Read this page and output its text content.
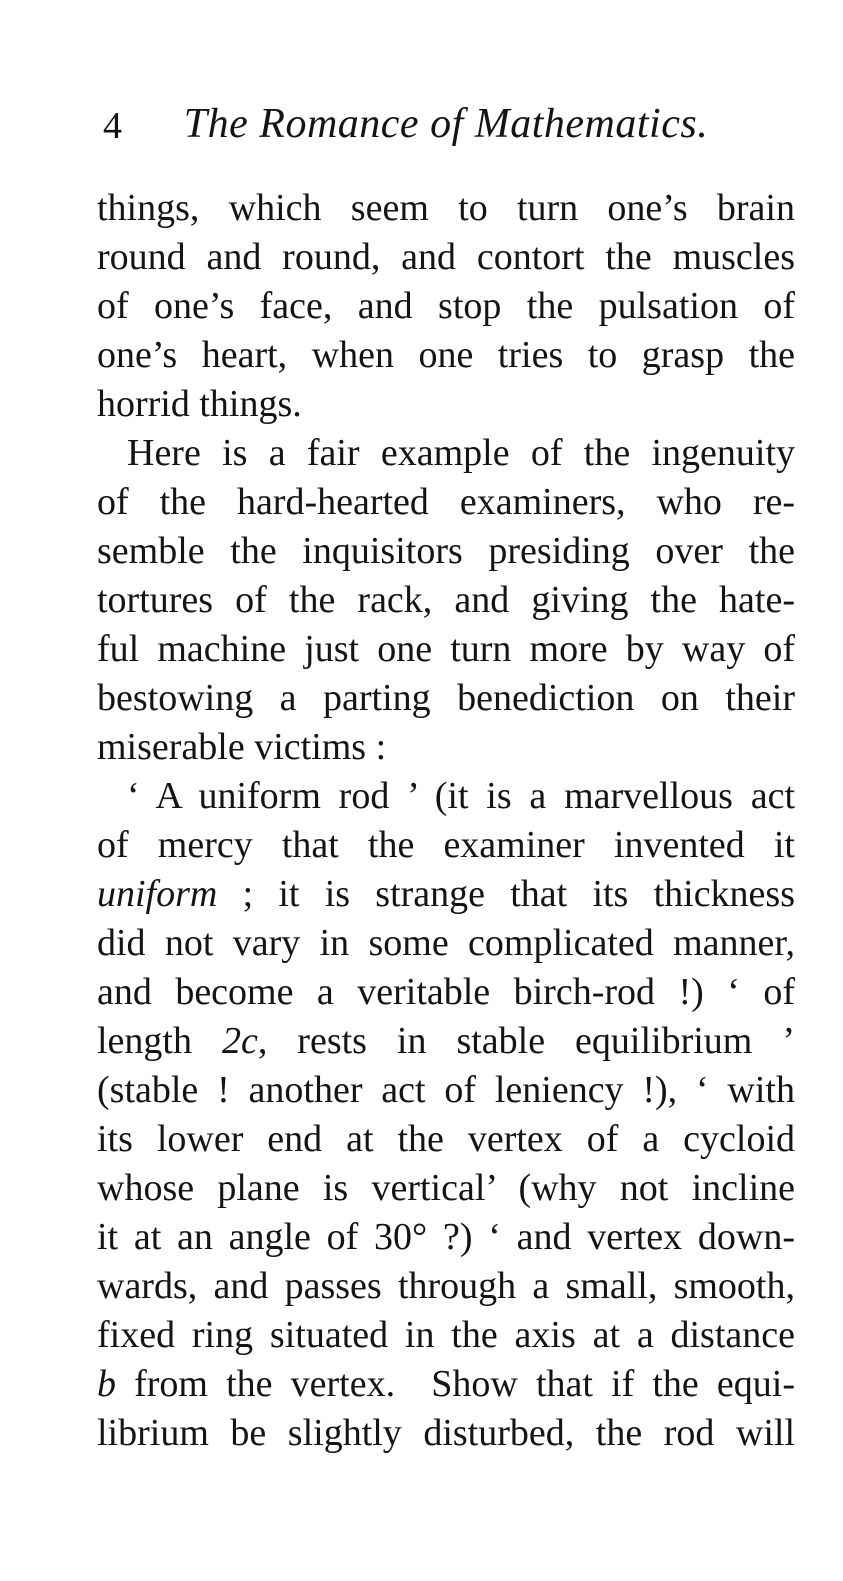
4	The Romance of Mathematics.
things, which seem to turn one’s brain
round and round, and contort the muscles
of one’s face, and stop the pulsation of
one’s heart, when one tries to grasp the
horrid things.
Here is a fair example of the ingenuity
of the hard-hearted examiners, who re-
semble the inquisitors presiding over the
tortures of the rack, and giving the hate-
ful machine just one turn more by way of
bestowing a parting benediction on their
miserable victims :
‘ A uniform rod ’ (it is a marvellous act
of mercy that the examiner invented it
uniform ; it is strange that its thickness
did not vary in some complicated manner,
and become a veritable birch-rod !) ‘ of
length 2c, rests in stable equilibrium ’
(stable ! another act of leniency !), ‘ with
its lower end at the vertex of a cycloid
whose plane is vertical’ (why not incline
it at an angle of 30° ?) ‘ and vertex down-
wards, and passes through a small, smooth,
fixed ring situated in the axis at a distance
b from the vertex.  Show that if the equi-
librium be slightly disturbed, the rod will
